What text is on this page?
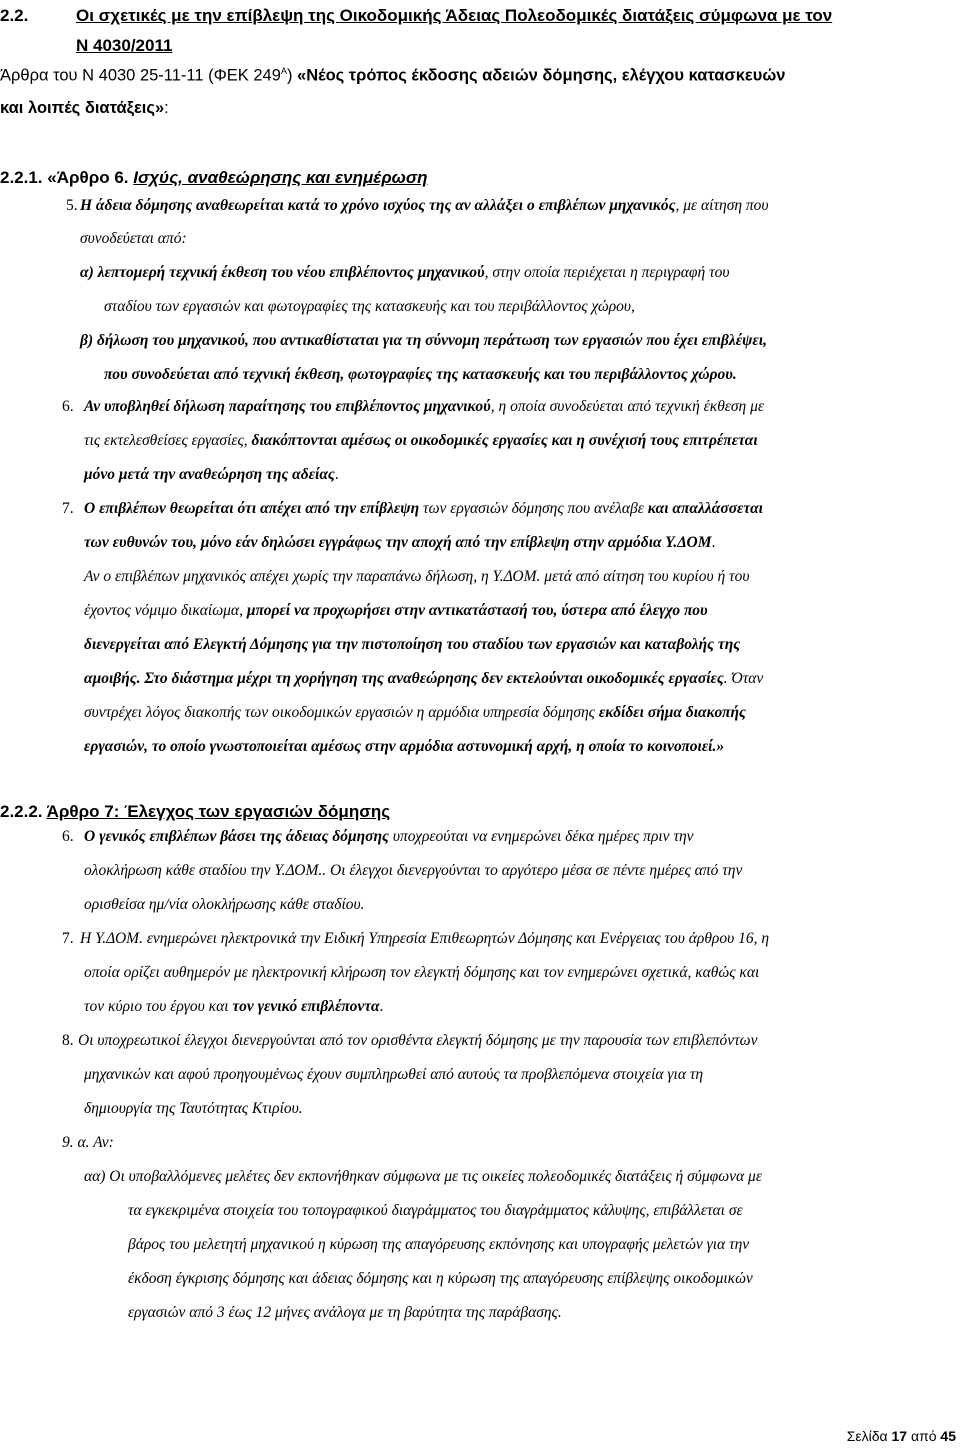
2.2.	Οι σχετικές με την επίβλεψη της Οικοδομικής Άδειας Πολεοδομικές διατάξεις σύμφωνα με τον
Ν 4030/2011
Άρθρα του Ν 4030 25-11-11 (ΦΕΚ $249^A$) «Νέος τρόπος έκδοσης αδειών δόμησης, ελέγχου κατασκευών
και λοιπές διατάξεις»:
2.2.1. «Άρθρο 6. Ισχύς, αναθεώρησης και ενημέρωση
5. Η άδεια δόμησης αναθεωρείται κατά το χρόνο ισχύος της αν αλλάξει ο επιβλέπων μηχανικός, με αίτηση που
συνοδεύεται από:
α) λεπτομερή τεχνική έκθεση του νέου επιβλέποντος μηχανικού, στην οποία περιέχεται η περιγραφή του
σταδίου των εργασιών και φωτογραφίες της κατασκευής και του περιβάλλοντος χώρου,
β) δήλωση του μηχανικού, που αντικαθίσταται για τη σύννομη περάτωση των εργασιών που έχει επιβλέψει,
που συνοδεύεται από τεχνική έκθεση, φωτογραφίες της κατασκευής και του περιβάλλοντος χώρου.
6. Αν υποβληθεί δήλωση παραίτησης του επιβλέποντος μηχανικού, η οποία συνοδεύεται από τεχνική έκθεση με
τις εκτελεσθείσες εργασίες, διακόπτονται αμέσως οι οικοδομικές εργασίες και η συνέχισή τους επιτρέπεται
μόνο μετά την αναθεώρηση της αδείας.
7. Ο επιβλέπων θεωρείται ότι απέχει από την επίβλεψη των εργασιών δόμησης που ανέλαβε και απαλλάσσεται
των ευθυνών του, μόνο εάν δηλώσει εγγράφως την αποχή από την επίβλεψη στην αρμόδια Υ.ΔΟΜ.
Αν ο επιβλέπων μηχανικός απέχει χωρίς την παραπάνω δήλωση, η Υ.ΔΟΜ. μετά από αίτηση του κυρίου ή του
έχοντος νόμιμο δικαίωμα, μπορεί να προχωρήσει στην αντικατάστασή του, ύστερα από έλεγχο που
διενεργείται από Ελεγκτή Δόμησης για την πιστοποίηση του σταδίου των εργασιών και καταβολής της
αμοιβής. Στο διάστημα μέχρι τη χορήγηση της αναθεώρησης δεν εκτελούνται οικοδομικές εργασίες. Όταν
συντρέχει λόγος διακοπής των οικοδομικών εργασιών η αρμόδια υπηρεσία δόμησης εκδίδει σήμα διακοπής
εργασιών, το οποίο γνωστοποιείται αμέσως στην αρμόδια αστυνομική αρχή, η οποία το κοινοποιεί.»
2.2.2. Άρθρο 7: Έλεγχος των εργασιών δόμησης
6. Ο γενικός επιβλέπων βάσει της άδειας δόμησης υποχρεούται να ενημερώνει δέκα ημέρες πριν την
ολοκλήρωση κάθε σταδίου την Υ.ΔΟΜ.. Οι έλεγχοι διενεργούνται το αργότερο μέσα σε πέντε ημέρες από την
ορισθείσα ημ/νία ολοκλήρωσης κάθε σταδίου.
7. Η Υ.ΔΟΜ. ενημερώνει ηλεκτρονικά την Ειδική Υπηρεσία Επιθεωρητών Δόμησης και Ενέργειας του άρθρου 16, η
οποία ορίζει αυθημερόν με ηλεκτρονική κλήρωση τον ελεγκτή δόμησης και τον ενημερώνει σχετικά, καθώς και
τον κύριο του έργου και τον γενικό επιβλέποντα.
8. Οι υποχρεωτικοί έλεγχοι διενεργούνται από τον ορισθέντα ελεγκτή δόμησης με την παρουσία των επιβλεπόντων
μηχανικών και αφού προηγουμένως έχουν συμπληρωθεί από αυτούς τα προβλεπόμενα στοιχεία για τη
δημιουργία της Ταυτότητας Κτιρίου.
9. α. Αν:
αα) Οι υποβαλλόμενες μελέτες δεν εκπονήθηκαν σύμφωνα με τις οικείες πολεοδομικές διατάξεις ή σύμφωνα με
τα εγκεκριμένα στοιχεία του τοπογραφικού διαγράμματος του διαγράμματος κάλυψης, επιβάλλεται σε
βάρος του μελετητή μηχανικού η κύρωση της απαγόρευσης εκπόνησης και υπογραφής μελετών για την
έκδοση έγκρισης δόμησης και άδειας δόμησης και η κύρωση της απαγόρευσης επίβλεψης οικοδομικών
εργασιών από 3 έως 12 μήνες ανάλογα με τη βαρύτητα της παράβασης.
Σελίδα 17 από 45
